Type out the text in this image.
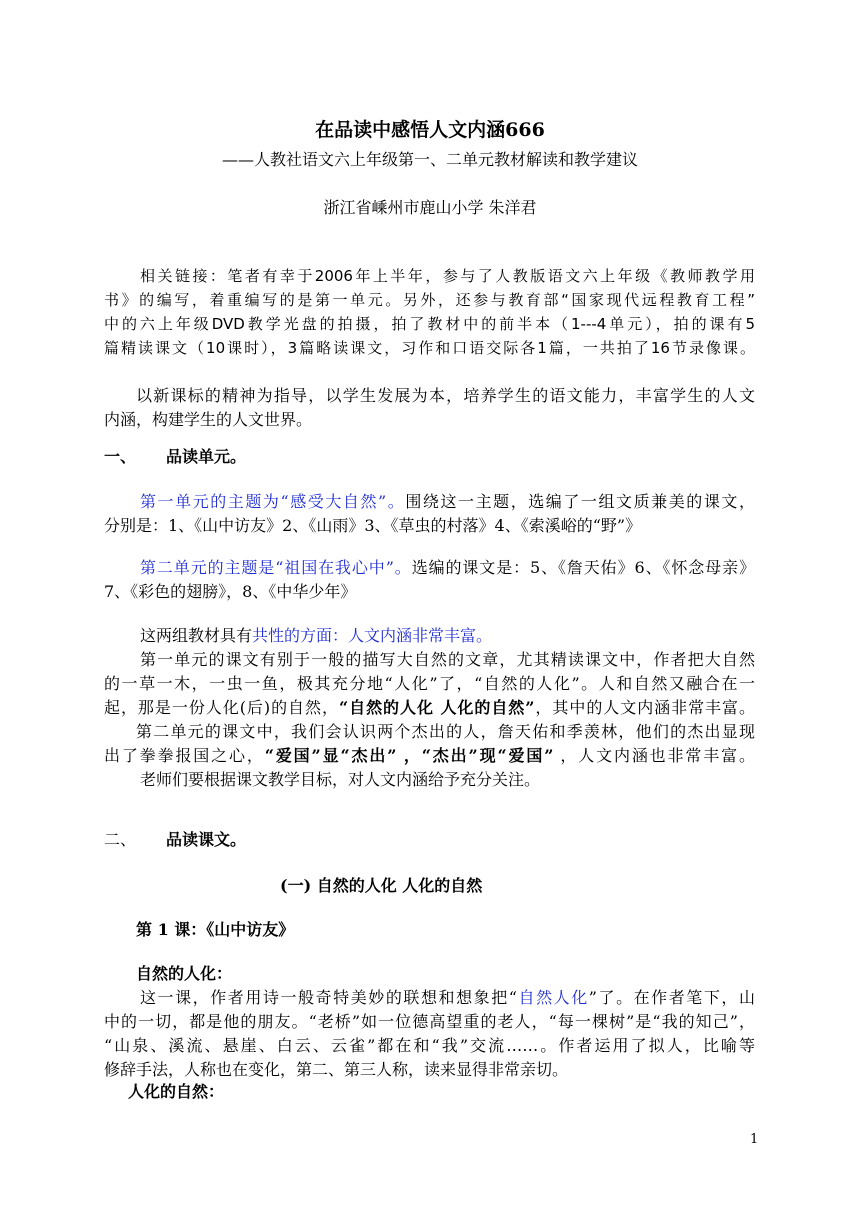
在品读中感悟人文内涵666
——人教社语文六上年级第一、二单元教材解读和教学建议
浙江省嵊州市鹿山小学 朱洋君
相关链接：笔者有幸于2006年上半年，参与了人教版语文六上年级《教师教学用
书》的编写，着重编写的是第一单元。另外，还参与教育部“国家现代远程教育工程”
中的六上年级DVD教学光盘的拍摄，拍了教材中的前半本（1---4单元），拍的课有5
篇精读课文（10课时），3篇略读课文，习作和口语交际各1篇，一共拍了16节录像课。
以新课标的精神为指导，以学生发展为本，培养学生的语文能力，丰富学生的人文
内涵，构建学生的人文世界。
一、 品读单元。
第一单元的主题为“感受大自然”。围绕这一主题，选编了一组文质兼美的课文，
分别是：1、《山中访友》2、《山雨》3、《草虫的村落》4、《索溪峪的“野”》
第二单元的主题是“祖国在我心中”。选编的课文是：5、《詹天佑》6、《怀念母亲》
7、《彩色的翅膀》，8、《中华少年》
这两组教材具有共性的方面：人文内涵非常丰富。
第一单元的课文有别于一般的描写大自然的文章，尤其精读课文中，作者把大自然
的一草一木，一虫一鱼，极其充分地“人化”了，“自然的人化”。人和自然又融合在一
起，那是一份人化(后)的自然，“自然的人化 人化的自然”，其中的人文内涵非常丰富。
第二单元的课文中，我们会认识两个杰出的人，詹天佑和季羡林，他们的杰出显现
出了拳拳报国之心，“爱国”显“杰出” ，“杰出”现“爱国” ，人文内涵也非常丰富。
老师们要根据课文教学目标，对人文内涵给予充分关注。
二、 品读课文。
(一) 自然的人化 人化的自然
第 1 课：《山中访友》
自然的人化：
这一课，作者用诗一般奇特美妙的联想和想象把“自然人化”了。在作者笔下，山
中的一切，都是他的朋友。“老桥”如一位德高望重的老人，“每一棵树”是“我的知己”，
“山泉、溪流、悬崖、白云、云雀”都在和“我”交流……。作者运用了拟人，比喻等
修辞手法，人称也在变化，第二、第三人称，读来显得非常亲切。
人化的自然：
1
